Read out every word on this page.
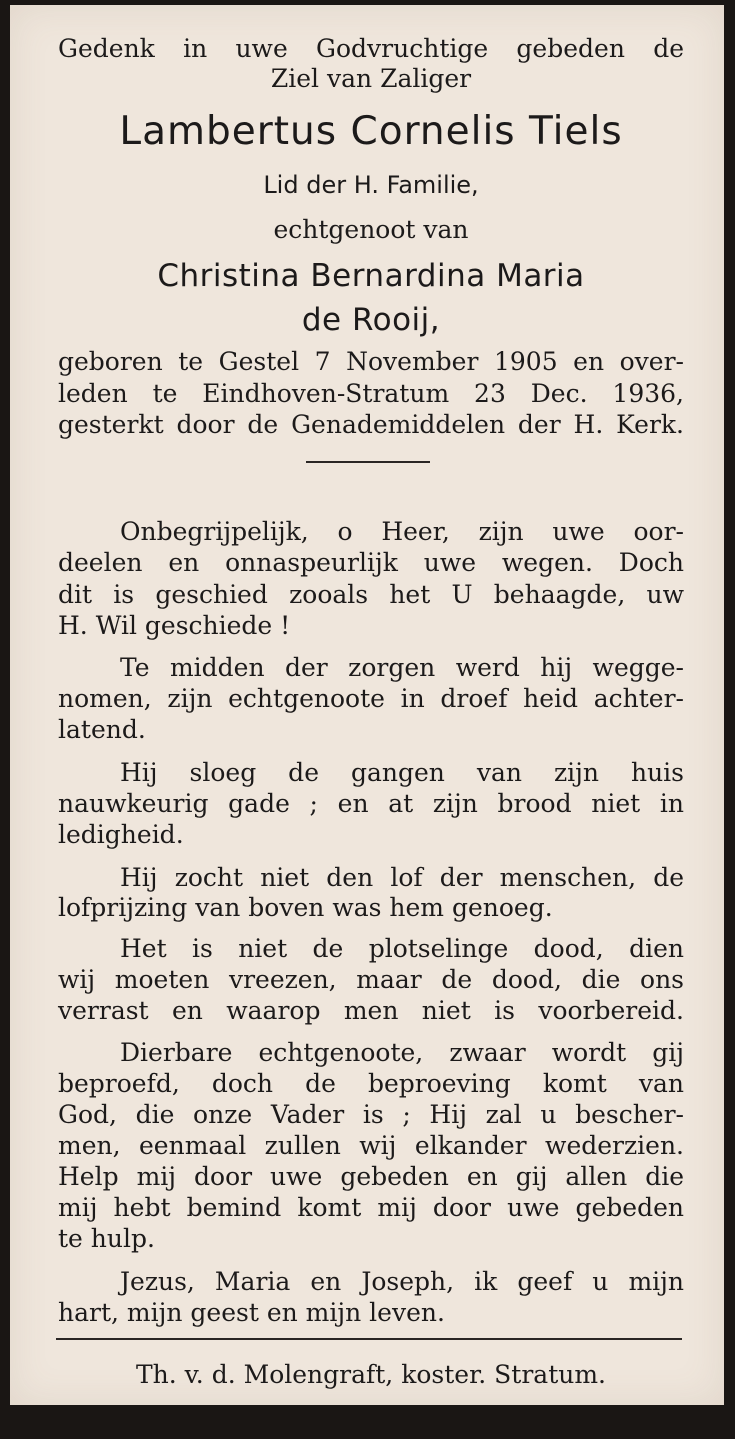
Gedenk in uwe Godvruchtige gebeden de
Ziel van Zaliger
Lambertus Cornelis Tiels
Lid der H. Familie,
echtgenoot van
Christina Bernardina Maria
de Rooij,
geboren te Gestel 7 November 1905 en over-
leden te Eindhoven-Stratum 23 Dec. 1936,
gesterkt door de Genademiddelen der H. Kerk.
Onbegrijpelijk, o Heer, zijn uwe oor-
deelen en onnaspeurlijk uwe wegen. Doch
dit is geschied zooals het U behaagde, uw
H. Wil geschiede !
Te midden der zorgen werd hij wegge-
nomen, zijn echtgenoote in droef heid achter-
latend.
Hij sloeg de gangen van zijn huis
nauwkeurig gade ; en at zijn brood niet in
ledigheid.
Hij zocht niet den lof der menschen, de
lofprijzing van boven was hem genoeg.
Het is niet de plotselinge dood, dien
wij moeten vreezen, maar de dood, die ons
verrast en waarop men niet is voorbereid.
Dierbare echtgenoote, zwaar wordt gij
beproefd, doch de beproeving komt van
God, die onze Vader is ; Hij zal u bescher-
men, eenmaal zullen wij elkander wederzien.
Help mij door uwe gebeden en gij allen die
mij hebt bemind komt mij door uwe gebeden
te hulp.
Jezus, Maria en Joseph, ik geef u mijn
hart, mijn geest en mijn leven.
Th. v. d. Molengraft, koster. Stratum.
